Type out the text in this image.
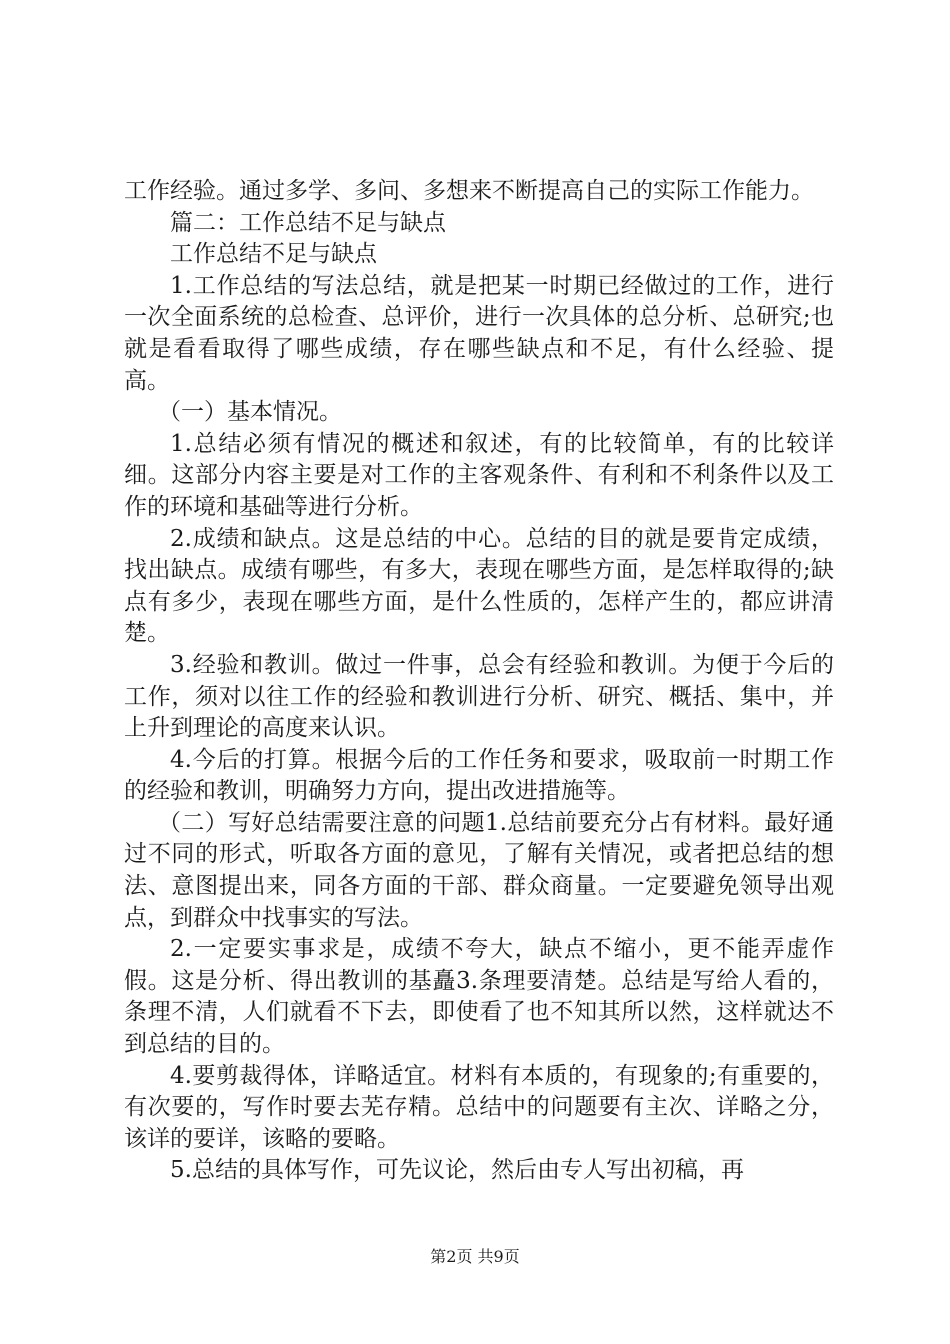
工作经验。通过多学、多问、多想来不断提高自己的实际工作能力。

篇二：工作总结不足与缺点

工作总结不足与缺点

1.工作总结的写法总结，就是把某一时期已经做过的工作，进行一次全面系统的总检查、总评价，进行一次具体的总分析、总研究;也就是看看取得了哪些成绩，存在哪些缺点和不足，有什么经验、提高。

（一）基本情况。

1.总结必须有情况的概述和叙述，有的比较简单，有的比较详细。这部分内容主要是对工作的主客观条件、有利和不利条件以及工作的环境和基础等进行分析。

2.成绩和缺点。这是总结的中心。总结的目的就是要肯定成绩，找出缺点。成绩有哪些，有多大，表现在哪些方面，是怎样取得的;缺点有多少，表现在哪些方面，是什么性质的，怎样产生的，都应讲清楚。

3.经验和教训。做过一件事，总会有经验和教训。为便于今后的工作，须对以往工作的经验和教训进行分析、研究、概括、集中，并上升到理论的高度来认识。

4.今后的打算。根据今后的工作任务和要求，吸取前一时期工作的经验和教训，明确努力方向，提出改进措施等。

（二）写好总结需要注意的问题1.总结前要充分占有材料。最好通过不同的形式，听取各方面的意见，了解有关情况，或者把总结的想法、意图提出来，同各方面的干部、群众商量。一定要避免领导出观点，到群众中找事实的写法。

2.一定要实事求是，成绩不夸大，缺点不缩小，更不能弄虚作假。这是分析、得出教训的基矗3.条理要清楚。总结是写给人看的，条理不清，人们就看不下去，即使看了也不知其所以然，这样就达不到总结的目的。

4.要剪裁得体，详略适宜。材料有本质的，有现象的;有重要的，有次要的，写作时要去芜存精。总结中的问题要有主次、详略之分，该详的要详，该略的要略。

5.总结的具体写作，可先议论，然后由专人写出初稿，再

第2页 共9页
